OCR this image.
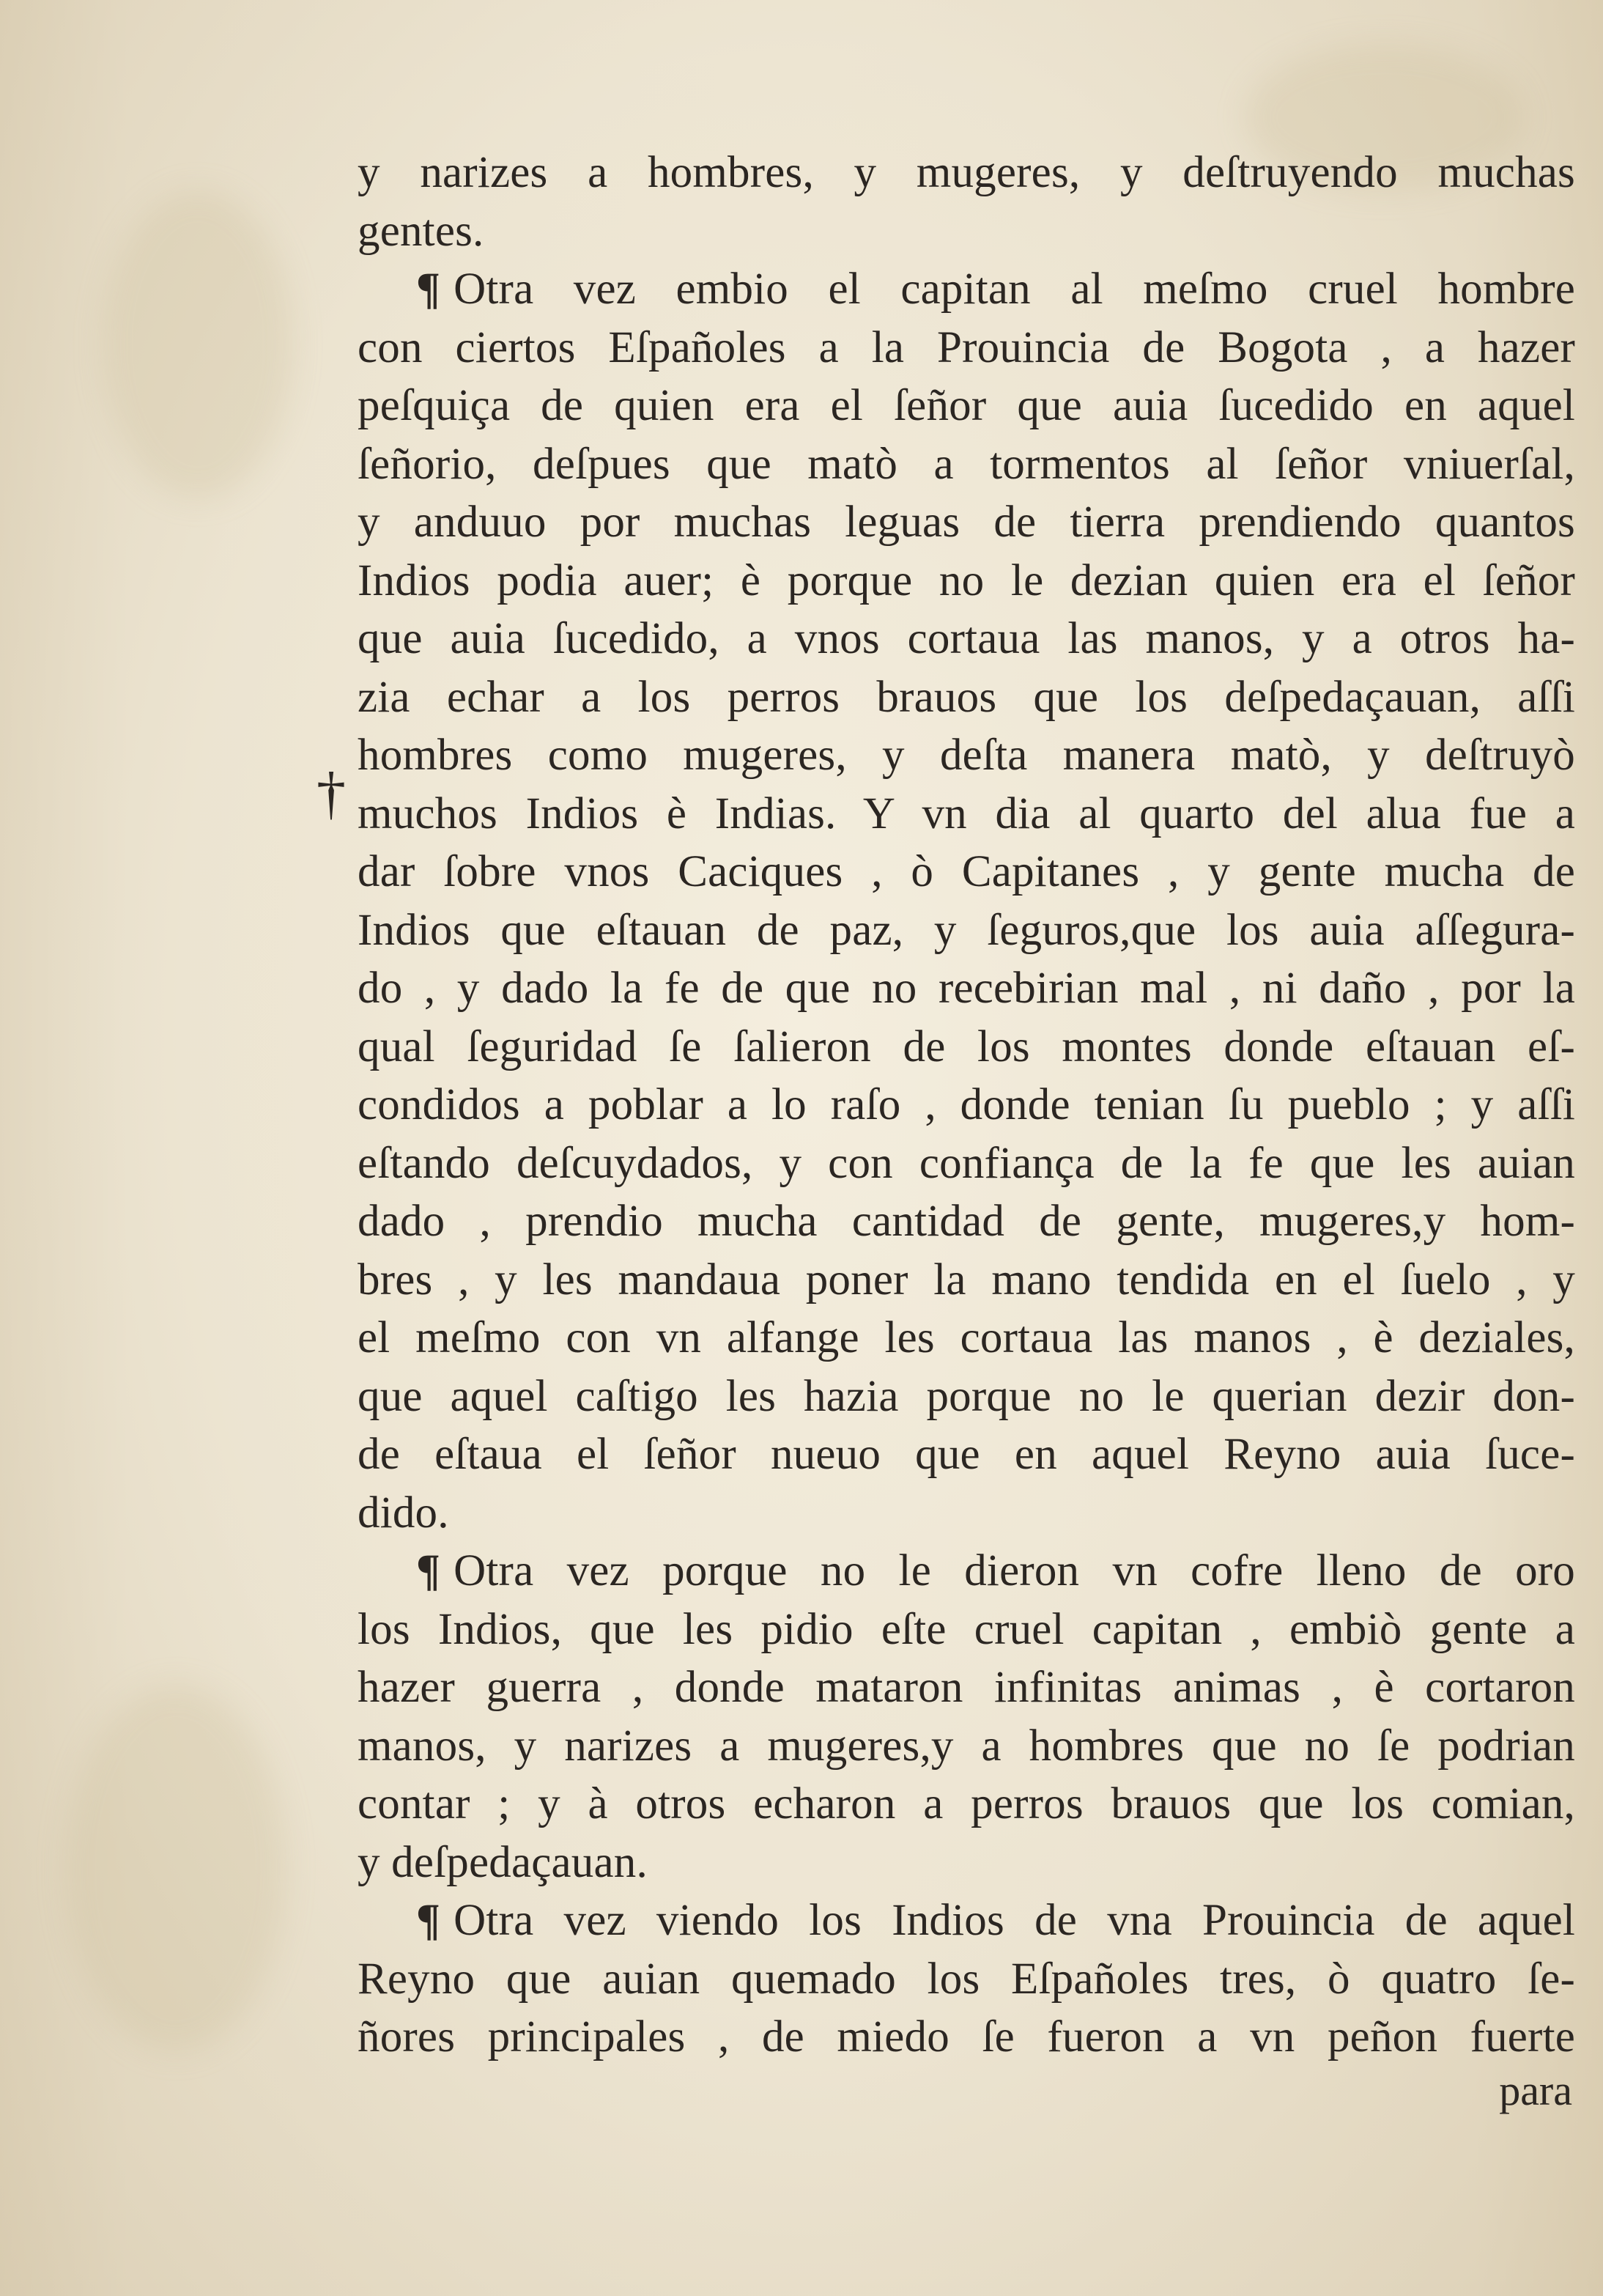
†
y narizes a hombres, y mugeres, y deſtruyendo muchas
gentes.
¶ Otra vez embio el capitan al meſmo cruel hombre
con ciertos Eſpañoles a la Prouincia de Bogota , a hazer
peſquiça de quien era el ſeñor que auia ſucedido en aquel
ſeñorio, deſpues que matò a tormentos al ſeñor vniuerſal,
y anduuo por muchas leguas de tierra prendiendo quantos
Indios podia auer; è porque no le dezian quien era el ſeñor
que auia ſucedido, a vnos cortaua las manos, y a otros ha-
zia echar a los perros brauos que los deſpedaçauan, aſſi
hombres como mugeres, y deſta manera matò, y deſtruyò
muchos Indios è Indias. Y vn dia al quarto del alua fue a
dar ſobre vnos Caciques , ò Capitanes , y gente mucha de
Indios que eſtauan de paz, y ſeguros,que los auia aſſegura-
do , y dado la fe de que no recebirian mal , ni daño , por la
qual ſeguridad ſe ſalieron de los montes donde eſtauan eſ-
condidos a poblar a lo raſo , donde tenian ſu pueblo ; y aſſi
eſtando deſcuydados, y con confiança de la fe que les auian
dado , prendio mucha cantidad de gente, mugeres,y hom-
bres , y les mandaua poner la mano tendida en el ſuelo , y
el meſmo con vn alfange les cortaua las manos , è deziales,
que aquel caſtigo les hazia porque no le querian dezir don-
de eſtaua el ſeñor nueuo que en aquel Reyno auia ſuce-
dido.
¶ Otra vez porque no le dieron vn cofre lleno de oro
los Indios, que les pidio eſte cruel capitan , embiò gente a
hazer guerra , donde mataron infinitas animas , è cortaron
manos, y narizes a mugeres,y a hombres que no ſe podrian
contar ; y à otros echaron a perros brauos que los comian,
y deſpedaçauan.
¶ Otra vez viendo los Indios de vna Prouincia de aquel
Reyno que auian quemado los Eſpañoles tres, ò quatro ſe-
ñores principales , de miedo ſe fueron a vn peñon fuerte
para
